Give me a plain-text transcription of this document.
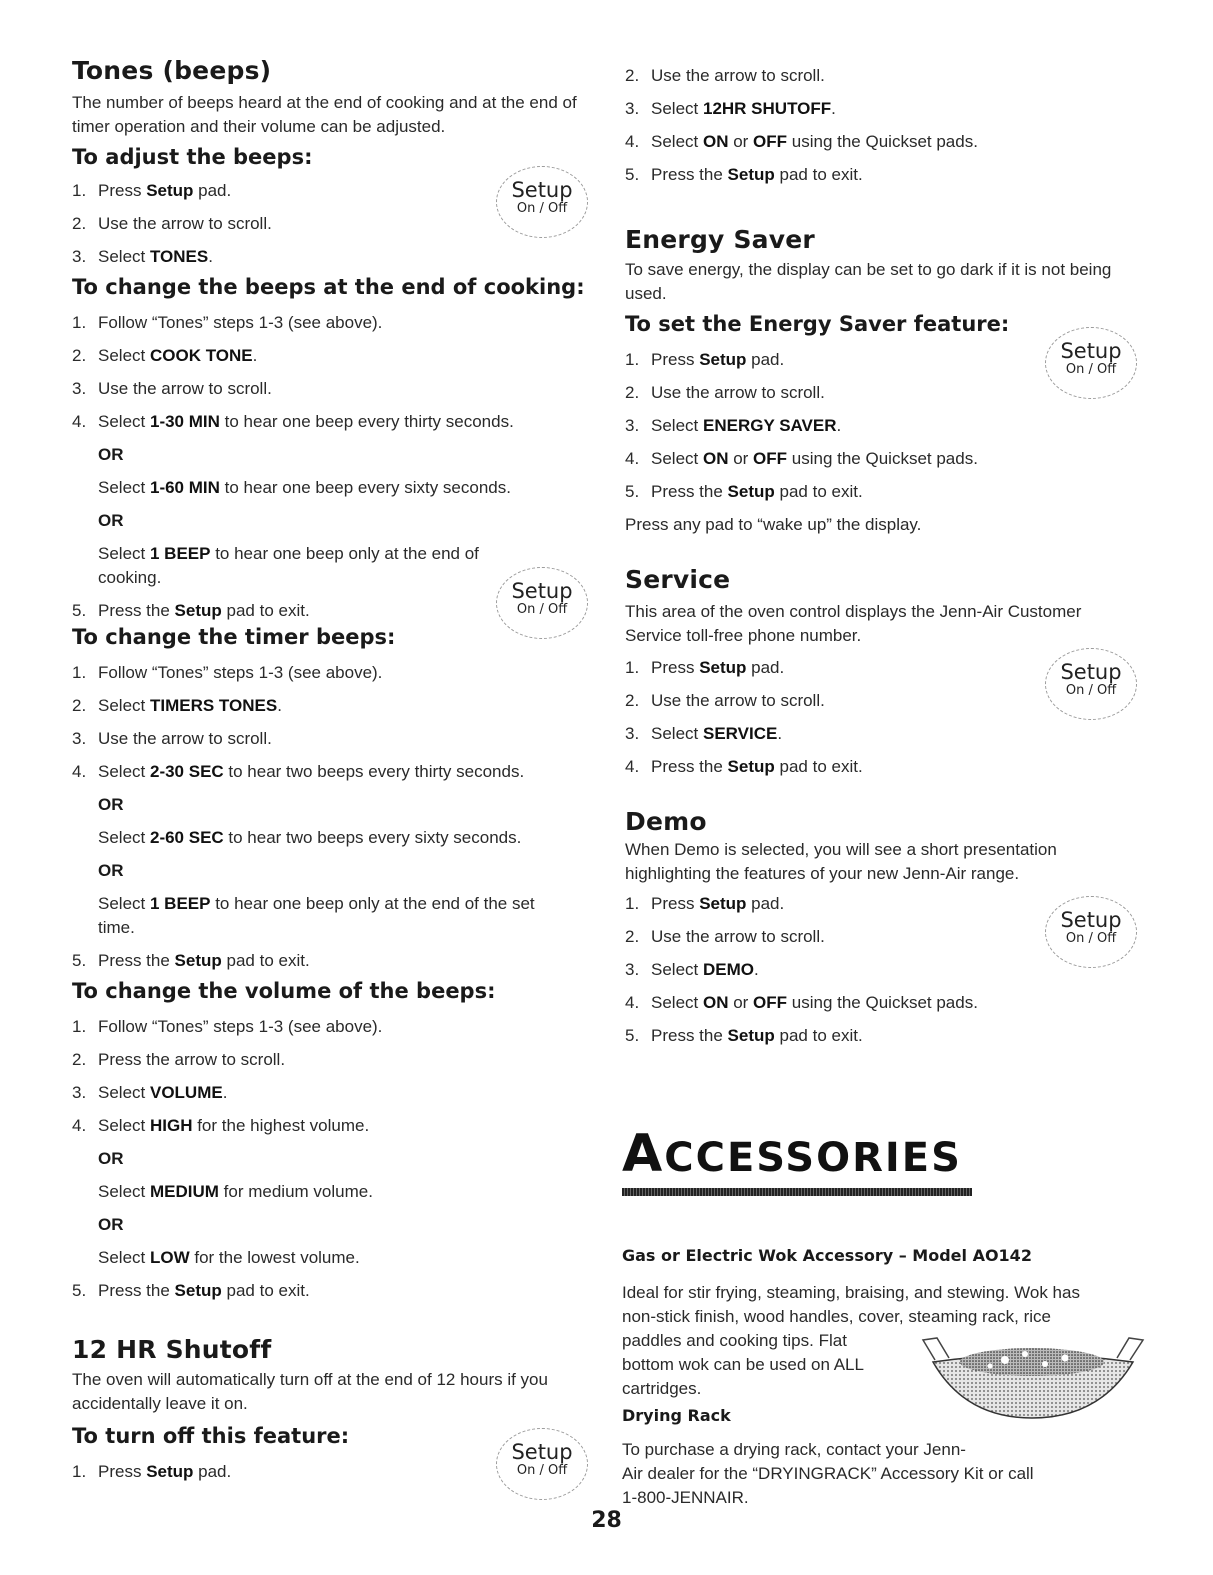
Tones (beeps)
The number of beeps heard at the end of cooking and at the end of timer operation and their volume can be adjusted.
To adjust the beeps:
1. Press Setup pad.
2. Use the arrow to scroll.
3. Select TONES.
To change the beeps at the end of cooking:
1. Follow “Tones” steps 1-3 (see above).
2. Select COOK TONE.
3. Use the arrow to scroll.
4. Select 1-30 MIN to hear one beep every thirty seconds.
OR
Select 1-60 MIN to hear one beep every sixty seconds.
OR
Select 1 BEEP to hear one beep only at the end of cooking.
5. Press the Setup pad to exit.
To change the timer beeps:
1. Follow “Tones” steps 1-3 (see above).
2. Select TIMERS TONES.
3. Use the arrow to scroll.
4. Select 2-30 SEC to hear two beeps every thirty seconds.
OR
Select 2-60 SEC to hear two beeps every sixty seconds.
OR
Select 1 BEEP to hear one beep only at the end of the set time.
5. Press the Setup pad to exit.
To change the volume of the beeps:
1. Follow “Tones” steps 1-3 (see above).
2. Press the arrow to scroll.
3. Select VOLUME.
4. Select HIGH for the highest volume.
OR
Select MEDIUM for medium volume.
OR
Select LOW for the lowest volume.
5. Press the Setup pad to exit.
12 HR Shutoff
The oven will automatically turn off at the end of 12 hours if you accidentally leave it on.
To turn off this feature:
1. Press Setup pad.
Setup
On / Off
Setup
On / Off
Setup
On / Off
2. Use the arrow to scroll.
3. Select 12HR SHUTOFF.
4. Select ON or OFF using the Quickset pads.
5. Press the Setup pad to exit.
Energy Saver
To save energy, the display can be set to go dark if it is not being used.
To set the Energy Saver feature:
1. Press Setup pad.
2. Use the arrow to scroll.
3. Select ENERGY SAVER.
4. Select ON or OFF using the Quickset pads.
5. Press the Setup pad to exit.
Press any pad to “wake up” the display.
Service
This area of the oven control displays the Jenn-Air Customer Service toll-free phone number.
1. Press Setup pad.
2. Use the arrow to scroll.
3. Select SERVICE.
4. Press the Setup pad to exit.
Demo
When Demo is selected, you will see a short presentation highlighting the features of your new Jenn-Air range.
1. Press Setup pad.
2. Use the arrow to scroll.
3. Select DEMO.
4. Select ON or OFF using the Quickset pads.
5. Press the Setup pad to exit.
Setup
On / Off
Setup
On / Off
Setup
On / Off
ACCESSORIES
Gas or Electric Wok Accessory – Model AO142
Ideal for stir frying, steaming, braising, and stewing. Wok has
non-stick finish, wood handles, cover, steaming rack, rice
paddles and cooking tips. Flat
bottom wok can be used on ALL
cartridges.
Drying Rack
To purchase a drying rack, contact your Jenn-
Air dealer for the “DRYINGRACK” Accessory Kit or call
1-800-JENNAIR.
28
